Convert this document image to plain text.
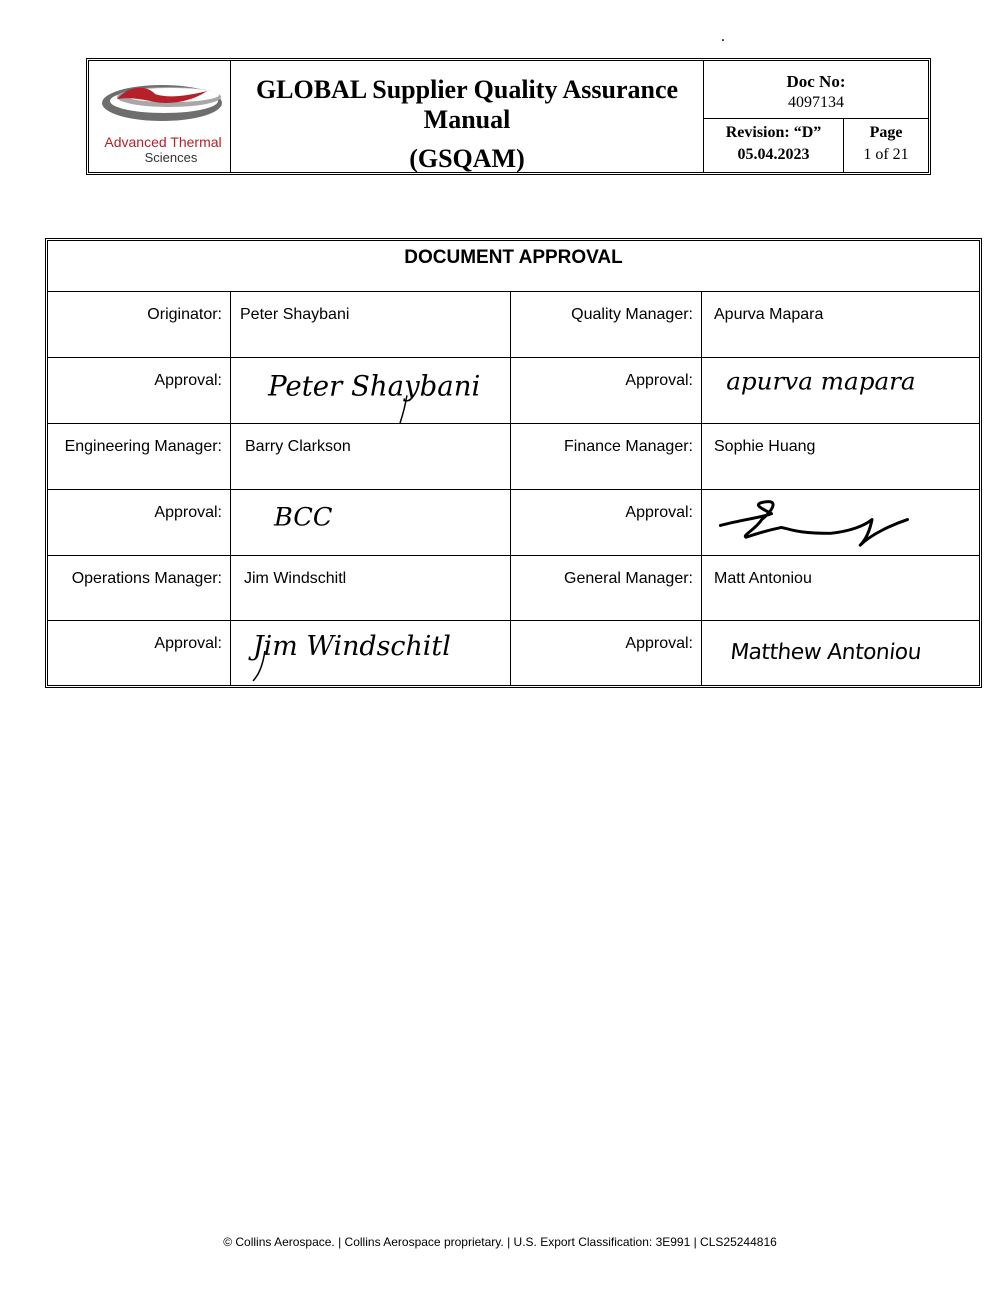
.
Advanced Thermal
Sciences
GLOBAL Supplier Quality Assurance Manual
(GSQAM)
Doc No:
4097134
Revision: “D”
05.04.2023
Page
1 of 21
DOCUMENT APPROVAL
Originator:	Peter Shaybani	Quality Manager:	Apurva Mapara
Approval: Peter Shaybani	Approval:	apurva mapara
Engineering Manager:	Barry Clarkson	Finance Manager:	Sophie Huang
Approval:	BCC	Approval:
Operations Manager:	Jim Windschitl	General Manager:	Matt Antoniou
Approval: Jim Windschitl	Approval:	Matthew Antoniou
© Collins Aerospace. | Collins Aerospace proprietary. | U.S. Export Classification: 3E991 | CLS25244816
